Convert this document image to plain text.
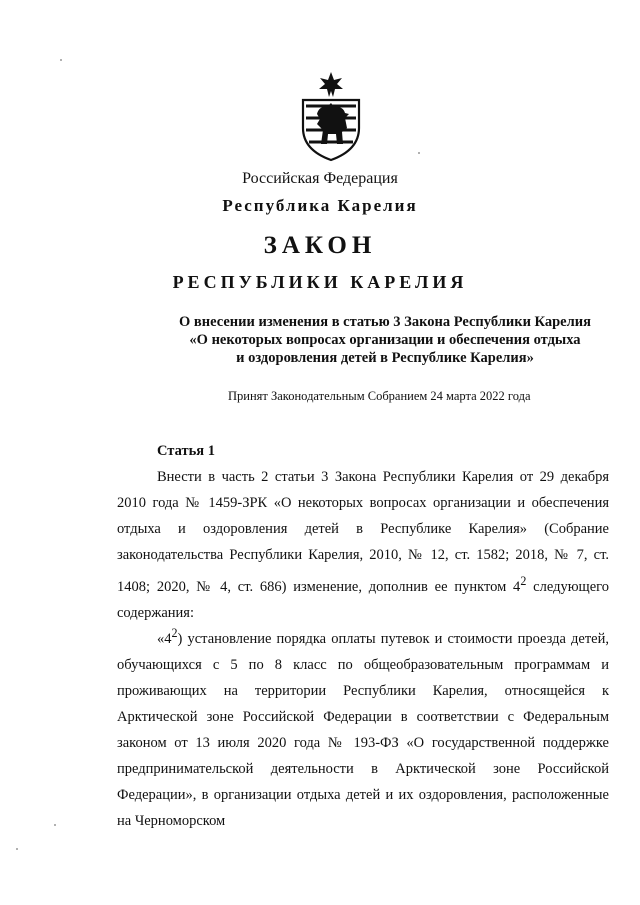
Российская Федерация

Республика Карелия

ЗАКОН

РЕСПУБЛИКИ КАРЕЛИЯ

О внесении изменения в статью 3 Закона Республики Карелия
«О некоторых вопросах организации и обеспечения отдыха
и оздоровления детей в Республике Карелия»
Принят Законодательным Собранием 24 марта 2022 года
Статья 1

Внести в часть 2 статьи 3 Закона Республики Карелия от 29 декабря 2010 года № 1459-ЗРК «О некоторых вопросах организации и обеспечения отдыха и оздоровления детей в Республике Карелия» (Собрание законодательства Республики Карелия, 2010, № 12, ст. 1582; 2018, № 7, ст. 1408; 2020, № 4, ст. 686) изменение, дополнив ее пунктом $4^2$ следующего содержания:

«$4^2$) установление порядка оплаты путевок и стоимости проезда детей, обучающихся с 5 по 8 класс по общеобразовательным программам и проживающих на территории Республики Карелия, относящейся к Арктической зоне Российской Федерации в соответствии с Федеральным законом от 13 июля 2020 года № 193-ФЗ «О государственной поддержке предпринимательской деятельности в Арктической зоне Российской Федерации», в организации отдыха детей и их оздоровления, расположенные на Черноморском
